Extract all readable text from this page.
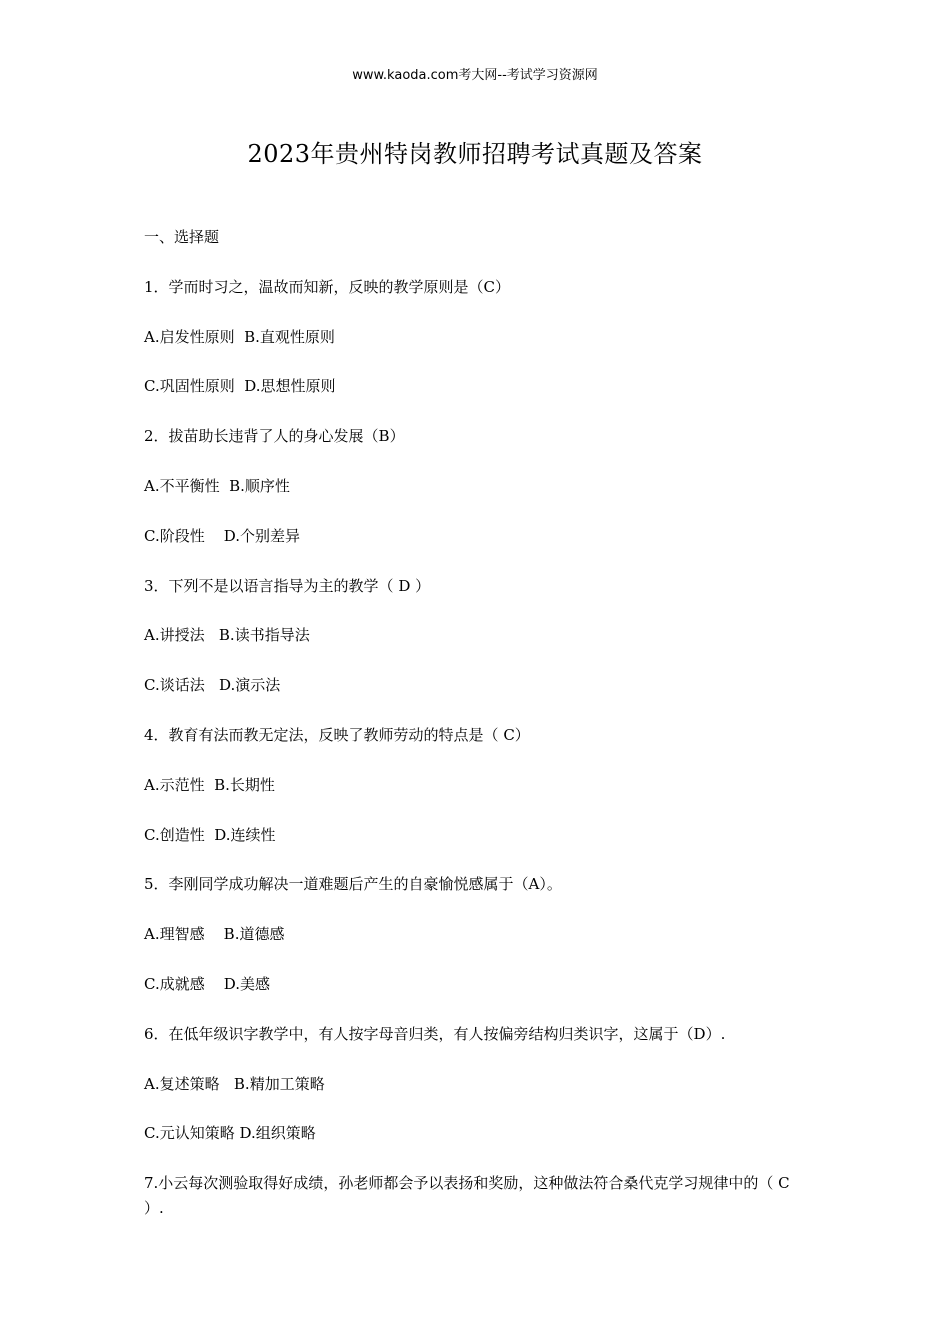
www.kaoda.com考大网--考试学习资源网
2023年贵州特岗教师招聘考试真题及答案
一、选择题
1．学而时习之，温故而知新，反映的教学原则是（C）
A.启发性原则  B.直观性原则
C.巩固性原则  D.思想性原则
2．拔苗助长违背了人的身心发展（B）
A.不平衡性  B.顺序性
C.阶段性    D.个别差异
3．下列不是以语言指导为主的教学（ D ）
A.讲授法   B.读书指导法
C.谈话法   D.演示法
4．教育有法而教无定法，反映了教师劳动的特点是（ C）
A.示范性  B.长期性
C.创造性  D.连续性
5．李刚同学成功解决一道难题后产生的自豪愉悦感属于（A）。
A.理智感    B.道德感
C.成就感    D.美感
6．在低年级识字教学中，有人按字母音归类，有人按偏旁结构归类识字，这属于（D）.
A.复述策略   B.精加工策略
C.元认知策略 D.组织策略
7.小云每次测验取得好成绩，孙老师都会予以表扬和奖励，这种做法符合桑代克学习规律中的（ C ）.
